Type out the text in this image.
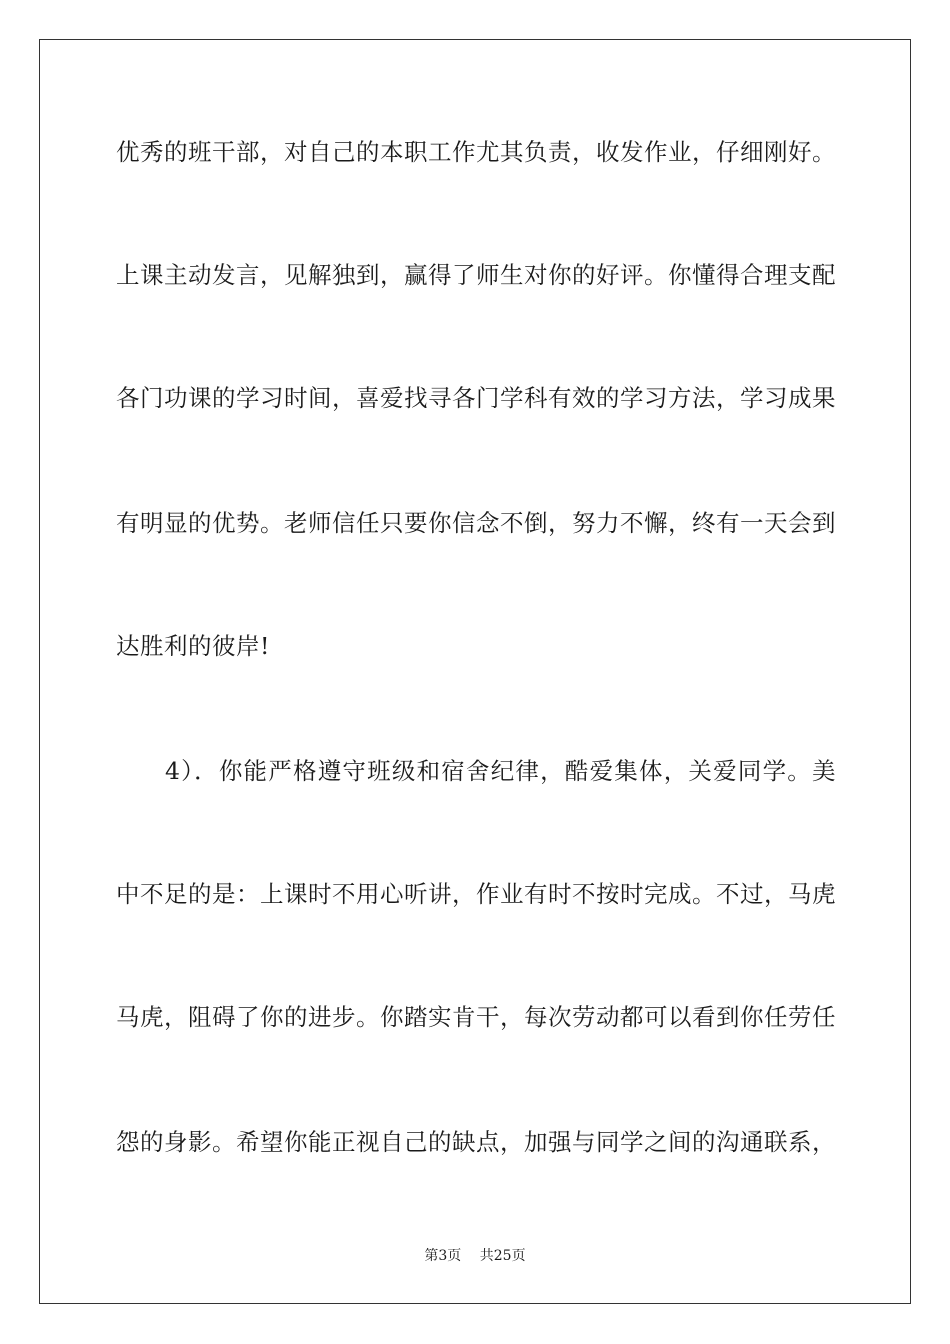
优秀的班干部，对自己的本职工作尤其负责，收发作业，仔细刚好。
上课主动发言，见解独到，赢得了师生对你的好评。你懂得合理支配
各门功课的学习时间，喜爱找寻各门学科有效的学习方法，学习成果
有明显的优势。老师信任只要你信念不倒，努力不懈，终有一天会到
达胜利的彼岸!
4）．你能严格遵守班级和宿舍纪律，酷爱集体，关爱同学。美
中不足的是：上课时不用心听讲，作业有时不按时完成。不过，马虎
马虎，阻碍了你的进步。你踏实肯干，每次劳动都可以看到你任劳任
怨的身影。希望你能正视自己的缺点，加强与同学之间的沟通联系，
第3页 共25页
